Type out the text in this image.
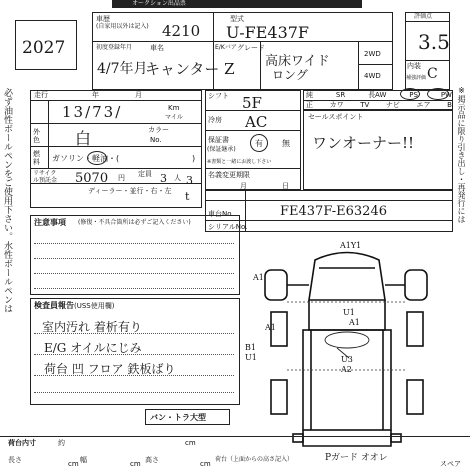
オークション出品票
必ず油性ボールペンをご使用下さい。水性ボールペンは	※掲示品に限り引き出し・再発行には
2027
車歴
(自家用以外は記入) 4210
型式
U-FE437F
初度登録年月	車名
4/7年月
キャンター Z
E/Kバア グレード
高床ワイド
ロング
2WD
4WD
評価点
3.5
内装
補強評価 C
走行	年	月
13/73/	Km
マイル
外色	白	カラー
No.
燃料	ガソリン・軽油・(	)
リサイクル預託金	5070 円 定員 3 人 3
ディーラー・並行・右・左 t
シフト 5F
冷房 AC
保証書
(保証継承)
有 無
※書類と一緒にお渡し下さい
名義変更期限
月	日
純	SR	長AW	PS	PW
正 カワ TV ナビ エア B
セールスポイント
ワンオーナー!!
車台No.	FE437F-E63246
シリアルNo.
注意事項 (修復・不具合箇所は必ずご記入ください)
検査員報告 (USS使用欄)
室内汚れ 着析有り
E/G オイルにじみ
荷台 凹 フロア 鉄板ばり
バン・トラ大型
A1Y1
A1
A1
U1
A1
U3
A2
B1
U1
荷台内寸	約	cm
長さ	cm 幅	cm 高さ	cm
荷台（上面からの高さ記入）	Pガード オオレ
スペア
